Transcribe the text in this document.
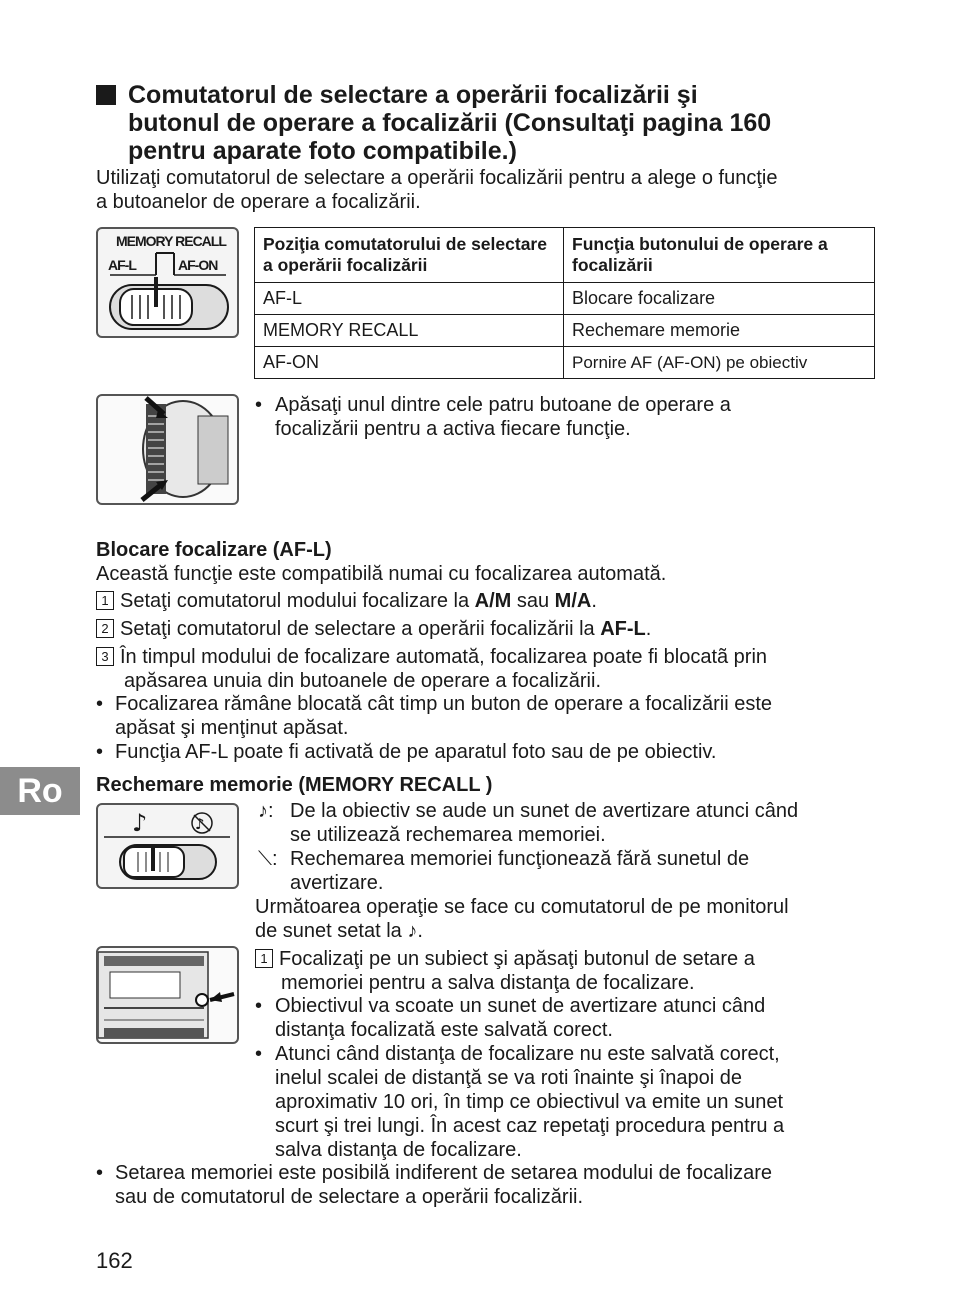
Comutatorul de selectare a operării focalizării şi
butonul de operare a focalizării (Consultaţi pagina 160
pentru aparate foto compatibile.)
Utilizaţi comutatorul de selectare a operării focalizării pentru a alege o funcţie
a butoanelor de operare a focalizării.
MEMORY RECALL
AF-L	AF-ON
Poziţia comutatorului de selectare a operării focalizării	Funcţia butonului de operare a focalizării
AF-L	Blocare focalizare
MEMORY RECALL	Rechemare memorie
AF-ON	Pornire AF (AF-ON) pe obiectiv
• Apăsaţi unul dintre cele patru butoane de operare a
focalizării pentru a activa fiecare funcţie.
Blocare focalizare (AF-L)
Această funcţie este compatibilă numai cu focalizarea automată.
1 Setaţi comutatorul modului focalizare la A/M sau M/A.
2 Setaţi comutatorul de selectare a operării focalizării la AF-L.
3 În timpul modului de focalizare automată, focalizarea poate fi blocatã prin
apăsarea unuia din butoanele de operare a focalizării.
• Focalizarea rămâne blocată cât timp un buton de operare a focalizării este
apăsat şi menţinut apăsat.
• Funcţia AF-L poate fi activată de pe aparatul foto sau de pe obiectiv.
Ro	Rechemare memorie (MEMORY RECALL )
♪	♪
♪: De la obiectiv se aude un sunet de avertizare atunci când
se utilizează rechemarea memoriei.
⟍: Rechemarea memoriei funcţionează fără sunetul de
avertizare.
Următoarea operaţie se face cu comutatorul de pe monitorul
de sunet setat la ♪.
1 Focalizaţi pe un subiect şi apăsaţi butonul de setare a
memoriei pentru a salva distanţa de focalizare.
• Obiectivul va scoate un sunet de avertizare atunci când
distanţa focalizată este salvată corect.
• Atunci când distanţa de focalizare nu este salvată corect,
inelul scalei de distanţă se va roti înainte şi înapoi de
aproximativ 10 ori, în timp ce obiectivul va emite un sunet
scurt şi trei lungi. În acest caz repetaţi procedura pentru a
salva distanţa de focalizare.
• Setarea memoriei este posibilă indiferent de setarea modului de focalizare
sau de comutatorul de selectare a operării focalizării.
162
